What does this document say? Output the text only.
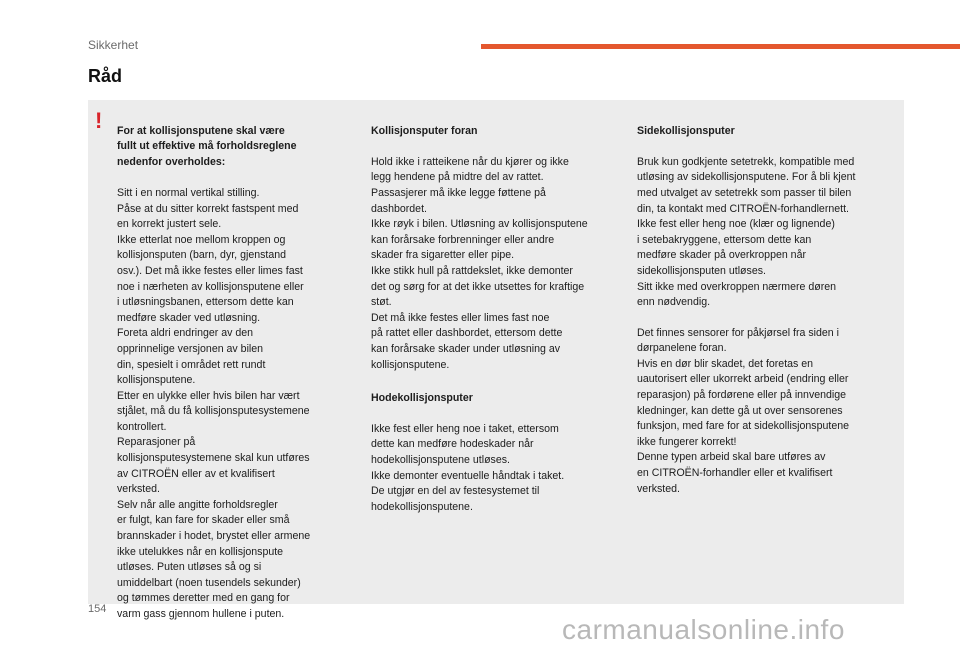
Sikkerhet
Råd
! For at kollisjonsputene skal være
fullt ut effektive må forholdsreglene
nedenfor overholdes:

Sitt i en normal vertikal stilling.
Påse at du sitter korrekt fastspent med
en korrekt justert sele.
Ikke etterlat noe mellom kroppen og
kollisjonsputen (barn, dyr, gjenstand
osv.). Det må ikke festes eller limes fast
noe i nærheten av kollisjonsputene eller
i utløsningsbanen, ettersom dette kan
medføre skader ved utløsning.
Foreta aldri endringer av den
opprinnelige versjonen av bilen
din, spesielt i området rett rundt
kollisjonsputene.
Etter en ulykke eller hvis bilen har vært
stjålet, må du få kollisjonsputesystemene
kontrollert.
Reparasjoner på
kollisjonsputesystemene skal kun utføres
av CITROËN eller av et kvalifisert
verksted.
Selv når alle angitte forholdsregler
er fulgt, kan fare for skader eller små
brannskader i hodet, brystet eller armene
ikke utelukkes når en kollisjonspute
utløses. Puten utløses så og si
umiddelbart (noen tusendels sekunder)
og tømmes deretter med en gang for
varm gass gjennom hullene i puten.

Kollisjonsputer foran

Hold ikke i ratteikene når du kjører og ikke
legg hendene på midtre del av rattet.
Passasjerer må ikke legge føttene på
dashbordet.
Ikke røyk i bilen. Utløsning av kollisjonsputene
kan forårsake forbrenninger eller andre
skader fra sigaretter eller pipe.
Ikke stikk hull på rattdekslet, ikke demonter
det og sørg for at det ikke utsettes for kraftige
støt.
Det må ikke festes eller limes fast noe
på rattet eller dashbordet, ettersom dette
kan forårsake skader under utløsning av
kollisjonsputene.

Hodekollisjonsputer

Ikke fest eller heng noe i taket, ettersom
dette kan medføre hodeskader når
hodekollisjonsputene utløses.
Ikke demonter eventuelle håndtak i taket.
De utgjør en del av festesystemet til
hodekollisjonsputene.

Sidekollisjonsputer

Bruk kun godkjente setetrekk, kompatible med
utløsing av sidekollisjonsputene. For å bli kjent
med utvalget av setetrekk som passer til bilen
din, ta kontakt med CITROËN-forhandlernett.
Ikke fest eller heng noe (klær og lignende)
i setebakryggene, ettersom dette kan
medføre skader på overkroppen når
sidekollisjonsputen utløses.
Sitt ikke med overkroppen nærmere døren
enn nødvendig.

Det finnes sensorer for påkjørsel fra siden i
dørpanelene foran.
Hvis en dør blir skadet, det foretas en
uautorisert eller ukorrekt arbeid (endring eller
reparasjon) på fordørene eller på innvendige
kledninger, kan dette gå ut over sensorenes
funksjon, med fare for at sidekollisjonsputene
ikke fungerer korrekt!
Denne typen arbeid skal bare utføres av
en CITROËN-forhandler eller et kvalifisert
verksted.

154
carmanualsonline.info
